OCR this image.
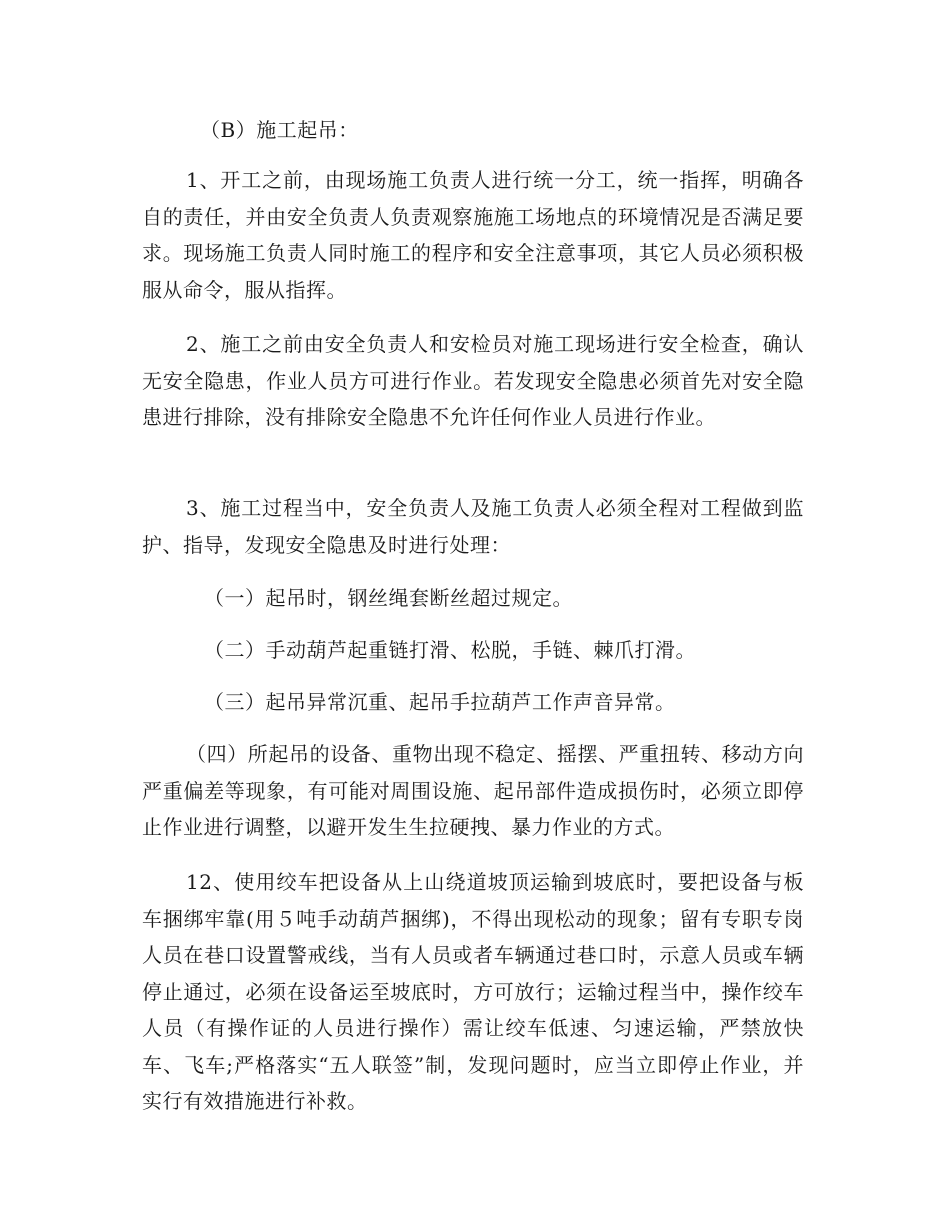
（B）施工起吊：

1、开工之前，由现场施工负责人进行统一分工，统一指挥，明确各自的责任，并由安全负责人负责观察施施工场地点的环境情况是否满足要求。现场施工负责人同时施工的程序和安全注意事项，其它人员必须积极服从命令，服从指挥。

2、施工之前由安全负责人和安检员对施工现场进行安全检查，确认无安全隐患，作业人员方可进行作业。若发现安全隐患必须首先对安全隐患进行排除，没有排除安全隐患不允许任何作业人员进行作业。

3、施工过程当中，安全负责人及施工负责人必须全程对工程做到监护、指导，发现安全隐患及时进行处理：

（一）起吊时，钢丝绳套断丝超过规定。

（二）手动葫芦起重链打滑、松脱，手链、棘爪打滑。

（三）起吊异常沉重、起吊手拉葫芦工作声音异常。

（四）所起吊的设备、重物出现不稳定、摇摆、严重扭转、移动方向严重偏差等现象，有可能对周围设施、起吊部件造成损伤时，必须立即停止作业进行调整，以避开发生生拉硬拽、暴力作业的方式。

12、使用绞车把设备从上山绕道坡顶运输到坡底时，要把设备与板车捆绑牢靠(用５吨手动葫芦捆绑)，不得出现松动的现象；留有专职专岗人员在巷口设置警戒线，当有人员或者车辆通过巷口时，示意人员或车辆停止通过，必须在设备运至坡底时，方可放行；运输过程当中，操作绞车人员（有操作证的人员进行操作）需让绞车低速、匀速运输，严禁放快车、飞车;严格落实“五人联签”制，发现问题时，应当立即停止作业，并实行有效措施进行补救。
